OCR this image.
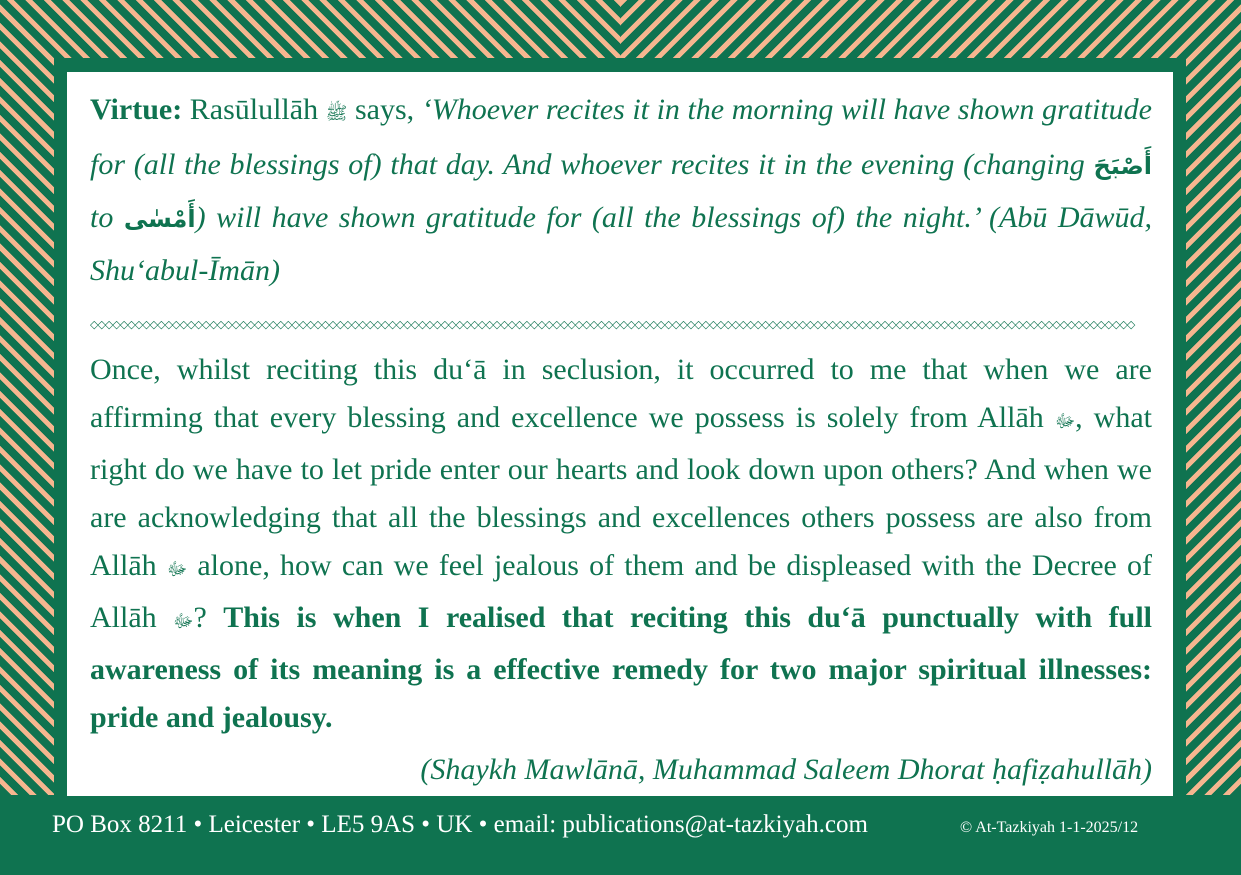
Virtue: Rasūlullāh ﷺ says, ‘Whoever recites it in the morning will have shown gratitude for (all the blessings of) that day. And whoever recites it in the evening (changing أَصْبَحَ to أَمْسٰى) will have shown gratitude for (all the blessings of) the night.’ (Abū Dāwūd, Shu‘abul-Īmān)

◇◇◇◇◇◇◇◇◇◇◇◇◇◇◇◇◇◇◇◇◇◇◇◇◇◇◇◇◇◇◇◇◇◇◇◇◇◇◇◇◇◇◇◇◇◇◇◇◇◇◇◇◇◇◇◇◇◇◇◇◇◇◇◇◇◇◇◇◇◇◇◇◇◇◇◇◇◇◇◇◇◇◇◇◇◇◇◇◇◇◇◇◇◇◇◇◇◇◇◇◇◇◇◇◇◇◇◇◇◇◇◇◇◇◇◇◇◇◇◇◇◇◇◇◇◇◇◇◇◇◇◇◇◇◇◇◇◇◇◇

Once, whilst reciting this du‘ā in seclusion, it occurred to me that when we are affirming that every blessing and excellence we possess is solely from Allāh ﷻ, what right do we have to let pride enter our hearts and look down upon others? And when we are acknowledging that all the blessings and excellences others possess are also from Allāh ﷻ alone, how can we feel jealous of them and be displeased with the Decree of Allāh ﷻ? This is when I realised that reciting this du‘ā punctually with full awareness of its meaning is a effective remedy for two major spiritual illnesses: pride and jealousy.

(Shaykh Mawlānā, Muhammad Saleem Dhorat ḥafiẓahullāh)

PO Box 8211 • Leicester • LE5 9AS • UK • email: publications@at-tazkiyah.com	© At-Tazkiyah 1-1-2025/12
